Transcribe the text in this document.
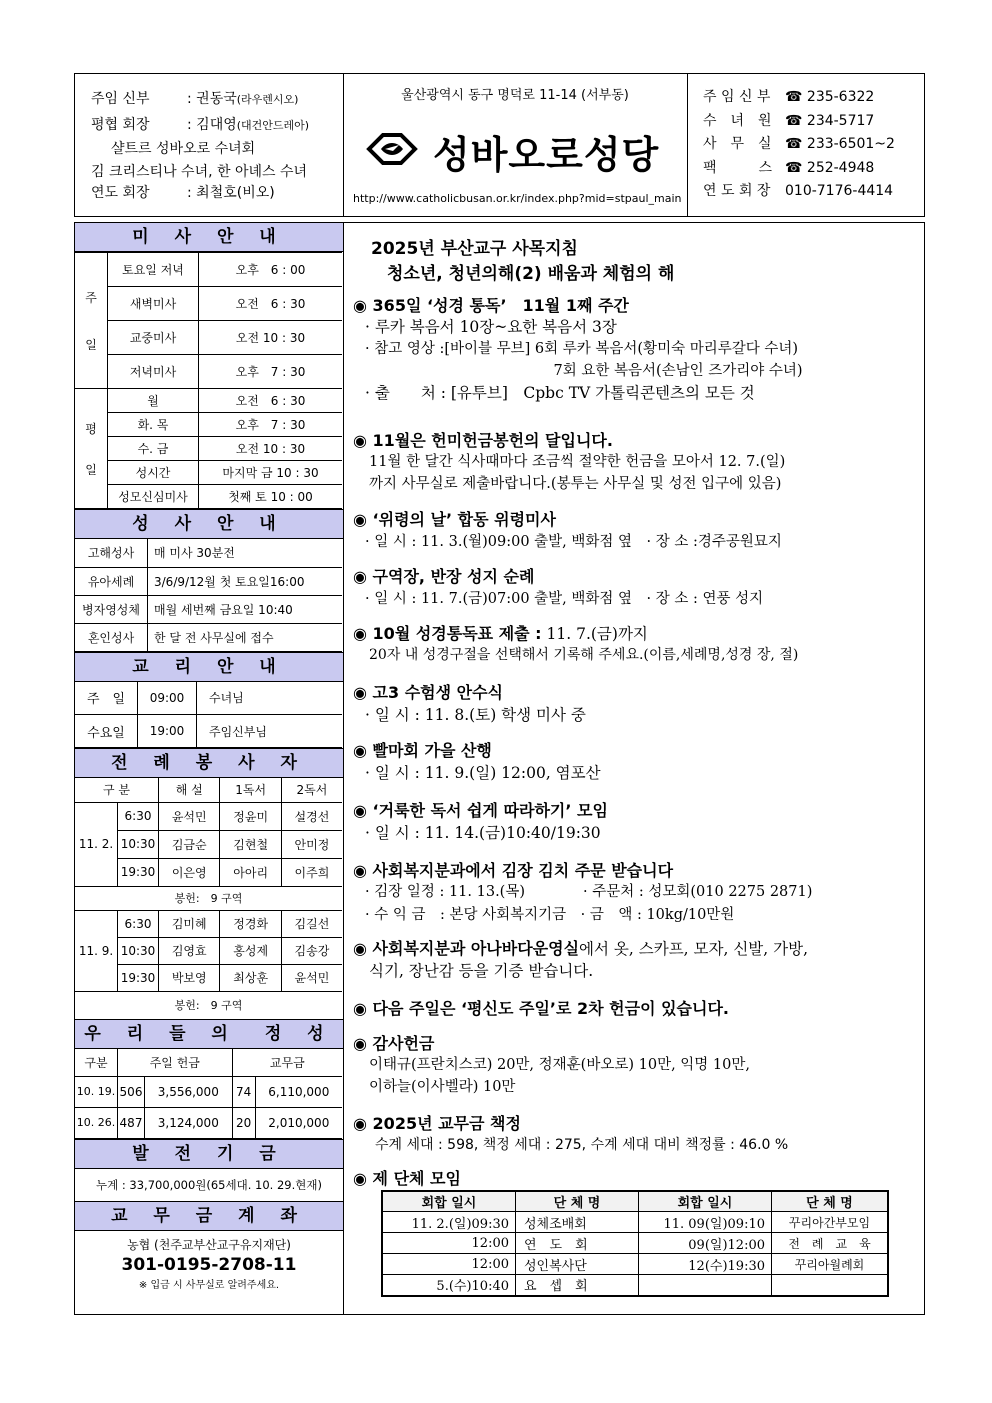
주임 신부	: 권동국(라우렌시오)
평협 회장	: 김대영(대건안드레아)
샬트르 성바오로 수녀회
김 크리스티나 수녀, 한 아녜스 수녀
연도 회장	: 최철호(비오)
울산광역시 동구 명덕로 11-14 (서부동)
성바오로성당
http://www.catholicbusan.or.kr/index.php?mid=stpaul_main
주 임 신 부 ☎ 235-6322
수　녀　원 ☎ 234-5717
사　무　실 ☎ 233-6501~2
팩　　　스 ☎ 252-4948
연 도 회 장 010-7176-4414
미 사 안 내
주
일	토요일 저녁	오후　6 : 00
	새벽미사	오전　6 : 30
	교중미사	오전 10 : 30
	저녁미사	오후　7 : 30

평
일	월	오전　6 : 30
	화. 목	오후　7 : 30
	수. 금	오전 10 : 30
	성시간	마지막 금 10 : 30
	성모신심미사	첫째 토 10 : 00
성 사 안 내
고해성사	매 미사 30분전
유아세례	3/6/9/12월 첫 토요일16:00
병자영성체	매월 세번째 금요일 10:40
혼인성사	한 달 전 사무실에 접수
교 리 안 내
주　일	09:00	수녀님
수요일	19:00	주임신부님
전 례 봉 사 자
구 분		해 설	1독서	2독서
11. 2.	6:30	윤석민	정윤미	설경선
	10:30	김금순	김현철	안미정
	19:30	이은영	아아리	이주희
봉헌:　9 구역				
11. 9.	6:30	김미혜	정경화	김길선
	10:30	김영효	홍성제	김송강
	19:30	박보영	최상훈	윤석민
봉헌:　9 구역				
우 리 들 의　정 성
구분	주일 헌금		교무금	
10. 19.	506	3,556,000	74	6,110,000
10. 26.	487	3,124,000	20	2,010,000
발 전 기 금
누계 : 33,700,000원(65세대. 10. 29.현재)
교 무 금 계 좌
농협 (천주교부산교구유지재단)
301-0195-2708-11
※ 입금 시 사무실로 알려주세요.
2025년 부산교구 사목지침
청소년, 청년의해(2) 배움과 체험의 해

◉ 365일 ‘성경 통독’　11월 1째 주간

· 루카 복음서 10장~요한 복음서 3장

· 참고 영상 :[바이블 무브] 6회 루카 복음서(황미숙 마리루갈다 수녀)

　　　　　　　　　　　　　7회 요한 복음서(손남인 즈가리야 수녀)

· 출　　처 : [유투브]　Cpbc TV 가톨릭콘텐츠의 모든 것

◉ 11월은 헌미헌금봉헌의 달입니다.

11월 한 달간 식사때마다 조금씩 절약한 헌금을 모아서 12. 7.(일)

까지 사무실로 제출바랍니다.(봉투는 사무실 및 성전 입구에 있음)

◉ ‘위령의 날’ 합동 위령미사

· 일 시 : 11. 3.(월)09:00 출발, 백화점 옆　· 장 소 :경주공원묘지

◉ 구역장, 반장 성지 순례

· 일 시 : 11. 7.(금)07:00 출발, 백화점 옆　· 장 소 : 연풍 성지

◉ 10월 성경통독표 제출 : 11. 7.(금)까지

20자 내 성경구절을 선택해서 기록해 주세요.(이름,세례명,성경 장, 절)

◉ 고3 수험생 안수식

· 일 시 : 11. 8.(토) 학생 미사 중

◉ 빨마회 가을 산행

· 일 시 : 11. 9.(일) 12:00, 염포산

◉ ‘거룩한 독서 쉽게 따라하기’ 모임

· 일 시 : 11. 14.(금)10:40/19:30

◉ 사회복지분과에서 김장 김치 주문 받습니다

· 김장 일정 : 11. 13.(목)　　　　· 주문처 : 성모회(010 2275 2871)

· 수 익 금　: 본당 사회복지기금　· 금　액 : 10kg/10만원

◉ 사회복지분과 아나바다운영실에서 옷, 스카프, 모자, 신발, 가방,

식기, 장난감 등을 기증 받습니다.

◉ 다음 주일은 ‘평신도 주일’로 2차 헌금이 있습니다.

◉ 감사헌금

이태규(프란치스코) 20만, 정재훈(바오로) 10만, 익명 10만,

이하늘(이사벨라) 10만

◉ 2025년 교무금 책정

수계 세대 : 598, 책정 세대 : 275, 수계 세대 대비 책정률 : 46.0 %

◉ 제 단체 모임

회합 일시	단 체 명	회합 일시	단 체 명
11. 2.(일)09:30	성체조배회	11. 09(일)09:10	꾸리아간부모임
12:00	연　도　회	09(일)12:00	전　례　교　육
12:00	성인복사단	12(수)19:30	꾸리아월례회
5.(수)10:40	요　셉　회		
